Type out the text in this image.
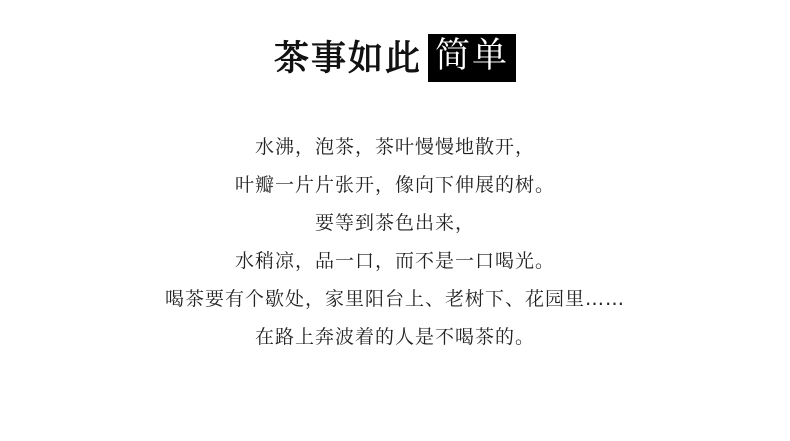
茶事如此 简单
水沸，泡茶，茶叶慢慢地散开，
叶瓣一片片张开，像向下伸展的树。
要等到茶色出来，
水稍凉，品一口，而不是一口喝光。
喝茶要有个歇处，家里阳台上、老树下、花园里……
在路上奔波着的人是不喝茶的。
